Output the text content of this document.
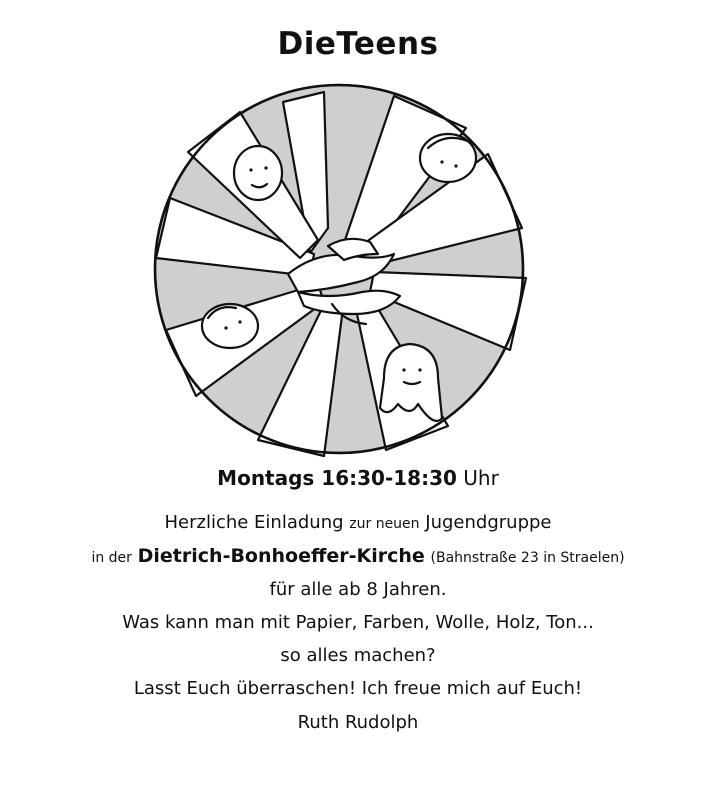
DieTeens
Montags 16:30-18:30 Uhr
Herzliche Einladung zur neuen Jugendgruppe
in der Dietrich-Bonhoeffer-Kirche (Bahnstraße 23 in Straelen)
für alle ab 8 Jahren.
Was kann man mit Papier, Farben, Wolle, Holz, Ton...
so alles machen?
Lasst Euch überraschen! Ich freue mich auf Euch!
Ruth Rudolph
